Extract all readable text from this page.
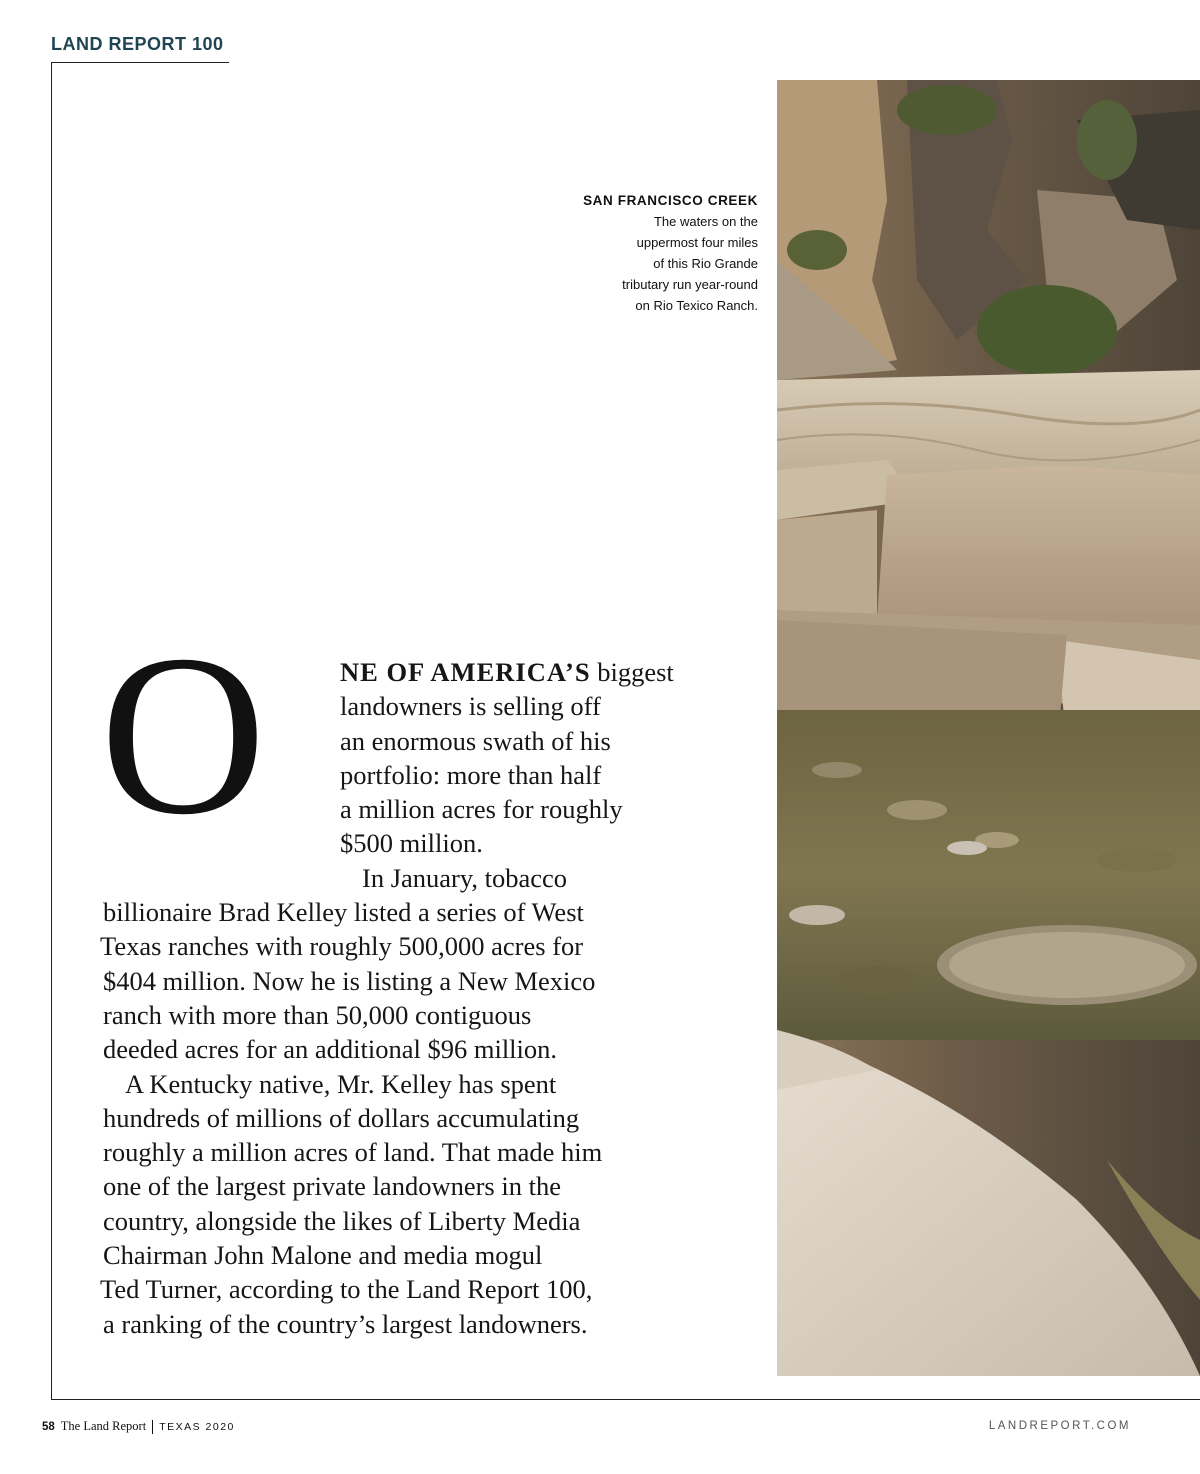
LAND REPORT 100
SAN FRANCISCO CREEK
The waters on the
uppermost four miles
of this Rio Grande
tributary run year-round
on Rio Texico Ranch.
O	NE OF AMERICA’S biggest
landowners is selling off
an enormous swath of his
portfolio: more than half
a million acres for roughly
$500 million.
In January, tobacco
billionaire Brad Kelley listed a series of West
Texas ranches with roughly 500,000 acres for
$404 million. Now he is listing a New Mexico
ranch with more than 50,000 contiguous
deeded acres for an additional $96 million.
A Kentucky native, Mr. Kelley has spent
hundreds of millions of dollars accumulating
roughly a million acres of land. That made him
one of the largest private landowners in the
country, alongside the likes of Liberty Media
Chairman John Malone and media mogul
Ted Turner, according to the Land Report 100,
a ranking of the country’s largest landowners.
58 The Land Report TEXAS 2020	LANDREPORT.COM
